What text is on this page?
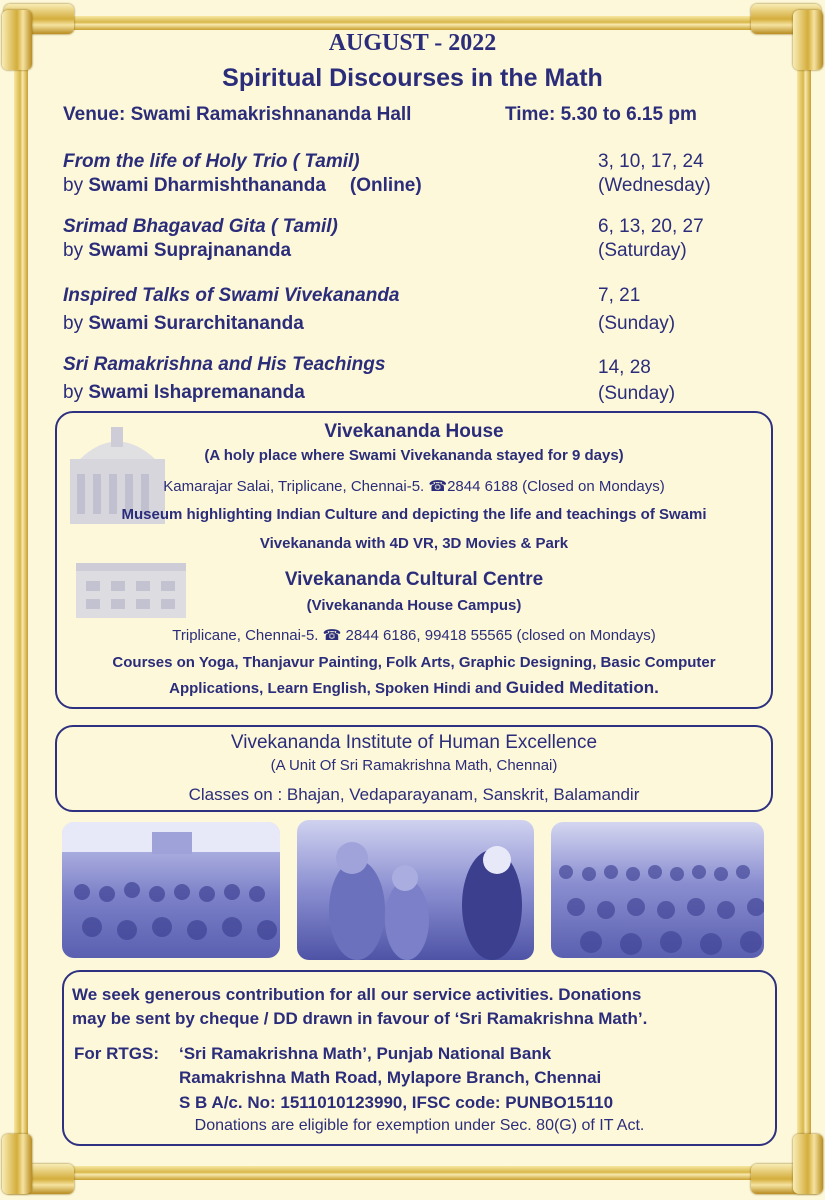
AUGUST - 2022
Spiritual Discourses in the Math
Venue: Swami Ramakrishnananda Hall	Time: 5.30 to 6.15 pm
From the life of Holy Trio ( Tamil)
by Swami Dharmishthananda (Online)
3, 10, 17, 24
(Wednesday)
Srimad Bhagavad Gita ( Tamil)
by Swami Suprajnananda
6, 13, 20, 27
(Saturday)
Inspired Talks of Swami Vivekananda
by Swami Surarchitananda
7, 21
(Sunday)
Sri Ramakrishna and His Teachings
by Swami Ishapremananda
14, 28
(Sunday)
Vivekananda House
(A holy place where Swami Vivekananda stayed for 9 days)
Kamarajar Salai, Triplicane, Chennai-5. ☎2844 6188 (Closed on Mondays)
Museum highlighting Indian Culture and depicting the life and teachings of Swami
Vivekananda with 4D VR, 3D Movies & Park
Vivekananda Cultural Centre
(Vivekananda House Campus)
Triplicane, Chennai-5. ☎ 2844 6186, 99418 55565 (closed on Mondays)
Courses on Yoga, Thanjavur Painting, Folk Arts, Graphic Designing, Basic Computer
Applications, Learn English, Spoken Hindi and Guided Meditation.
Vivekananda Institute of Human Excellence
(A Unit Of Sri Ramakrishna Math, Chennai)
Classes on : Bhajan, Vedaparayanam, Sanskrit, Balamandir
We seek generous contribution for all our service activities. Donations
may be sent by cheque / DD drawn in favour of ‘Sri Ramakrishna Math’.
For RTGS: ‘Sri Ramakrishna Math’, Punjab National Bank
Ramakrishna Math Road, Mylapore Branch, Chennai
S B A/c. No: 1511010123990, IFSC code: PUNBO15110
Donations are eligible for exemption under Sec. 80(G) of IT Act.
